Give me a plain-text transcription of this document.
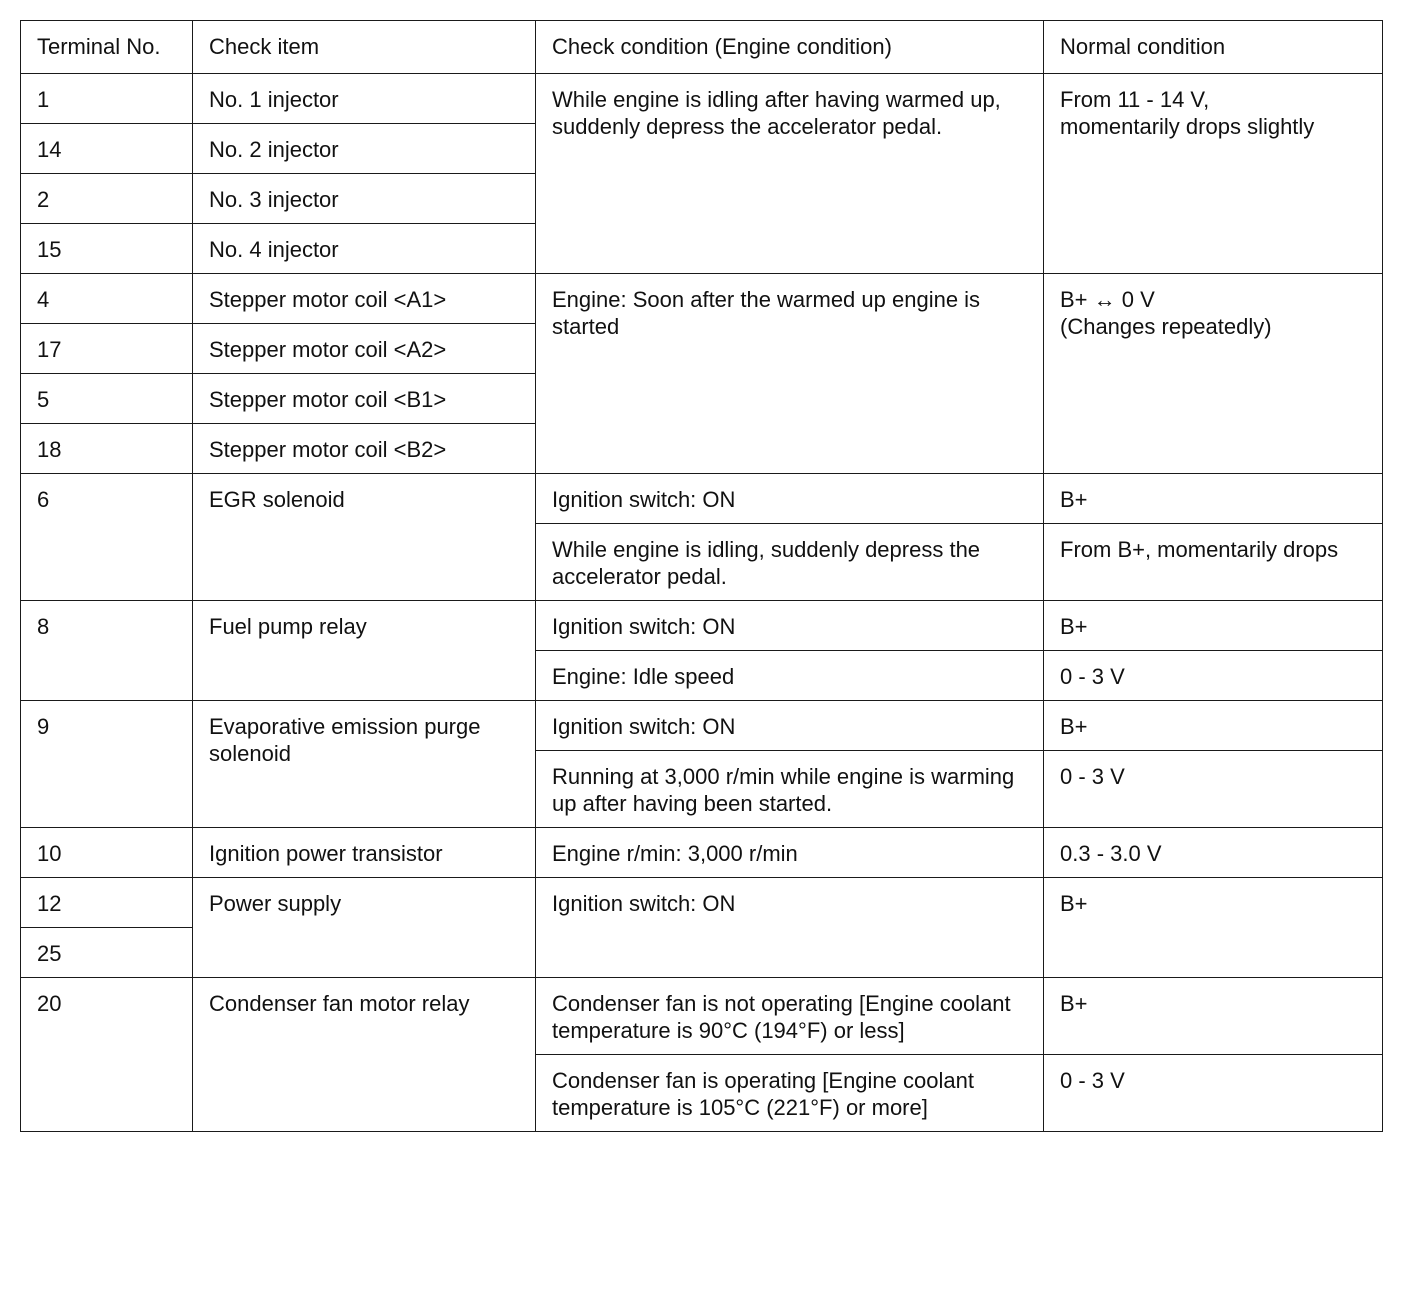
Terminal No.	Check item	Check condition (Engine condition)	Normal condition
1	No. 1 injector	While engine is idling after having warmed up, suddenly depress the accelerator pedal.	From 11 - 14 V,
momentarily drops slightly
14	No. 2 injector		
2	No. 3 injector		
15	No. 4 injector		
4	Stepper motor coil <A1>	Engine: Soon after the warmed up engine is started	B+ ↔ 0 V
(Changes repeatedly)
17	Stepper motor coil <A2>		
5	Stepper motor coil <B1>		
18	Stepper motor coil <B2>		
6	EGR solenoid	Ignition switch: ON	B+
		While engine is idling, suddenly depress the accelerator pedal.	From B+, momentarily drops
8	Fuel pump relay	Ignition switch: ON	B+
		Engine: Idle speed	0 - 3 V
9	Evaporative emission purge solenoid	Ignition switch: ON	B+
		Running at 3,000 r/min while engine is warming up after having been started.	0 - 3 V
10	Ignition power transistor	Engine r/min: 3,000 r/min	0.3 - 3.0 V
12	Power supply	Ignition switch: ON	B+
25			
20	Condenser fan motor relay	Condenser fan is not operating [Engine coolant temperature is 90°C (194°F) or less]	B+
		Condenser fan is operating [Engine coolant temperature is 105°C (221°F) or more]	0 - 3 V
